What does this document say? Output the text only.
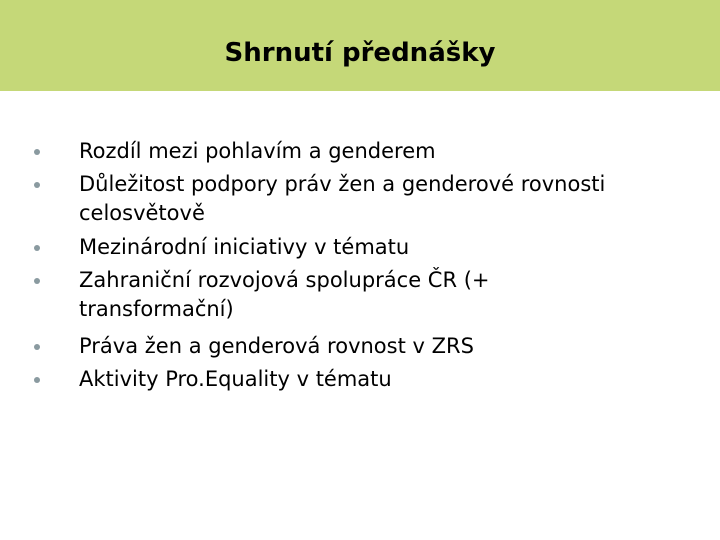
Shrnutí přednášky
Rozdíl mezi pohlavím a genderem
Důležitost podpory práv žen a genderové rovnosti
celosvětově
Mezinárodní iniciativy v tématu
Zahraniční rozvojová spolupráce ČR (+
transformační)
Práva žen a genderová rovnost v ZRS
Aktivity Pro.Equality v tématu
